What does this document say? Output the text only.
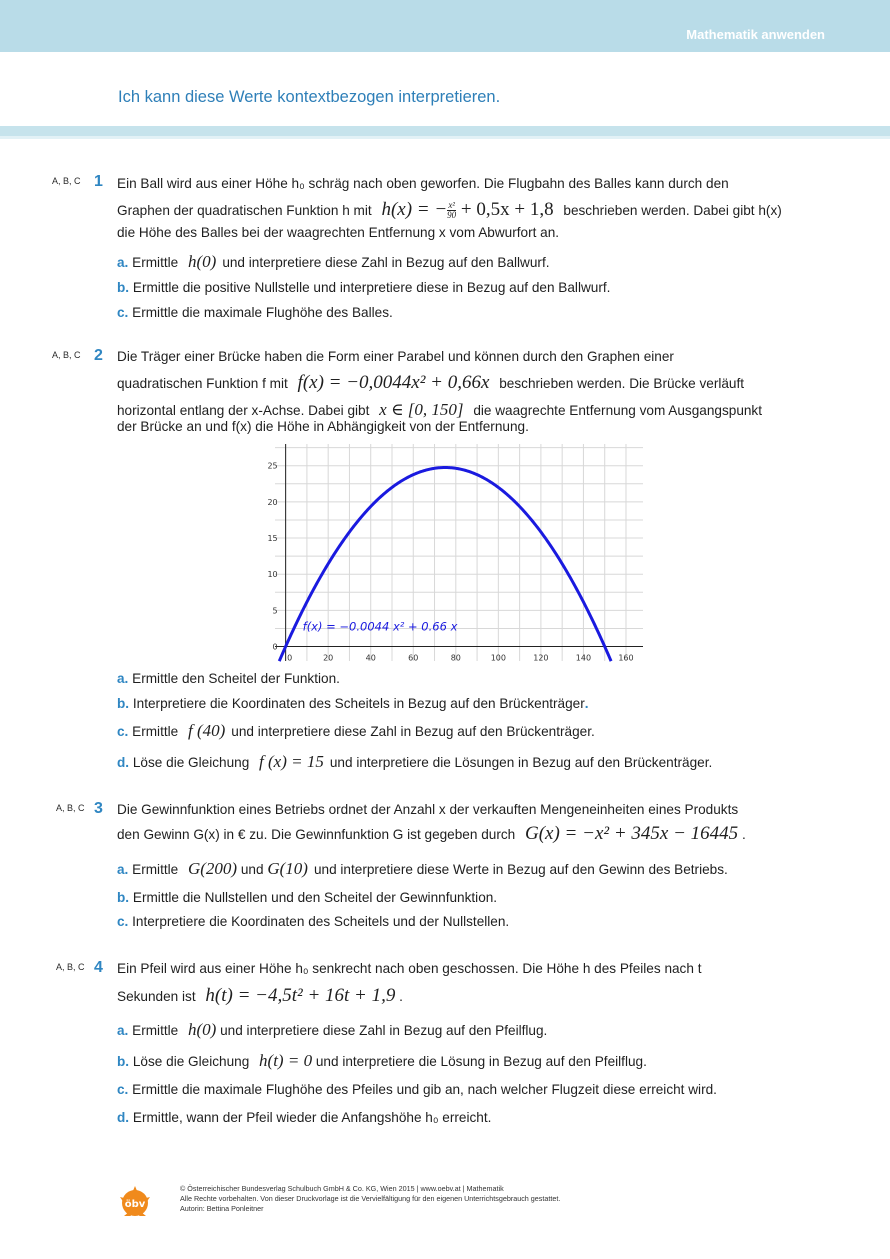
Mathematik anwenden
Ich kann diese Werte kontextbezogen interpretieren.
A, B, C 1 Ein Ball wird aus einer Höhe h₀ schräg nach oben geworfen. Die Flugbahn des Balles kann durch den
Graphen der quadratischen Funktion h mit h(x) = − $\frac{\text{x²}}{90} + 0,5x + 1,8$ beschrieben werden. Dabei gibt h(x)
die Höhe des Balles bei der waagrechten Entfernung x vom Abwurfort an.
a. Ermittle h(0) und interpretiere diese Zahl in Bezug auf den Ballwurf.
b. Ermittle die positive Nullstelle und interpretiere diese in Bezug auf den Ballwurf.
c. Ermittle die maximale Flughöhe des Balles.
A, B, C 2 Die Träger einer Brücke haben die Form einer Parabel und können durch den Graphen einer
quadratischen Funktion f mit f(x) = −0,0044x² + 0,66x beschrieben werden. Die Brücke verläuft
horizontal entlang der x-Achse. Dabei gibt x ∈ [0, 150] die waagrechte Entfernung vom Ausgangspunkt
der Brücke an und f(x) die Höhe in Abhängigkeit von der Entfernung.
0	20	40	60	80	100	120	140	160
0
5
10
15
20
25
f(x) = −0.0044 x² + 0.66 x
a. Ermittle den Scheitel der Funktion.
b. Interpretiere die Koordinaten des Scheitels in Bezug auf den Brückenträger.
c. Ermittle f (40) und interpretiere diese Zahl in Bezug auf den Brückenträger.
d. Löse die Gleichung f (x) = 15 und interpretiere die Lösungen in Bezug auf den Brückenträger.
A, B, C 3 Die Gewinnfunktion eines Betriebs ordnet der Anzahl x der verkauften Mengeneinheiten eines Produkts
den Gewinn G(x) in € zu. Die Gewinnfunktion G ist gegeben durch G(x) = −x² + 345x − 16445 .
a. Ermittle G(200) und G(10) und interpretiere diese Werte in Bezug auf den Gewinn des Betriebs.
b. Ermittle die Nullstellen und den Scheitel der Gewinnfunktion.
c. Interpretiere die Koordinaten des Scheitels und der Nullstellen.
A, B, C 4 Ein Pfeil wird aus einer Höhe h₀ senkrecht nach oben geschossen. Die Höhe h des Pfeiles nach t
Sekunden ist h(t) = −4,5t² + 16t + 1,9 .
a. Ermittle h(0) und interpretiere diese Zahl in Bezug auf den Pfeilflug.
b. Löse die Gleichung h(t) = 0 und interpretiere die Lösung in Bezug auf den Pfeilflug.
c. Ermittle die maximale Flughöhe des Pfeiles und gib an, nach welcher Flugzeit diese erreicht wird.
d. Ermittle, wann der Pfeil wieder die Anfangshöhe h₀ erreicht.
öbv
© Österreichischer Bundesverlag Schulbuch GmbH & Co. KG, Wien 2015 | www.oebv.at | Mathematik
Alle Rechte vorbehalten. Von dieser Druckvorlage ist die Vervielfältigung für den eigenen Unterrichtsgebrauch gestattet.
Autorin: Bettina Ponleitner
